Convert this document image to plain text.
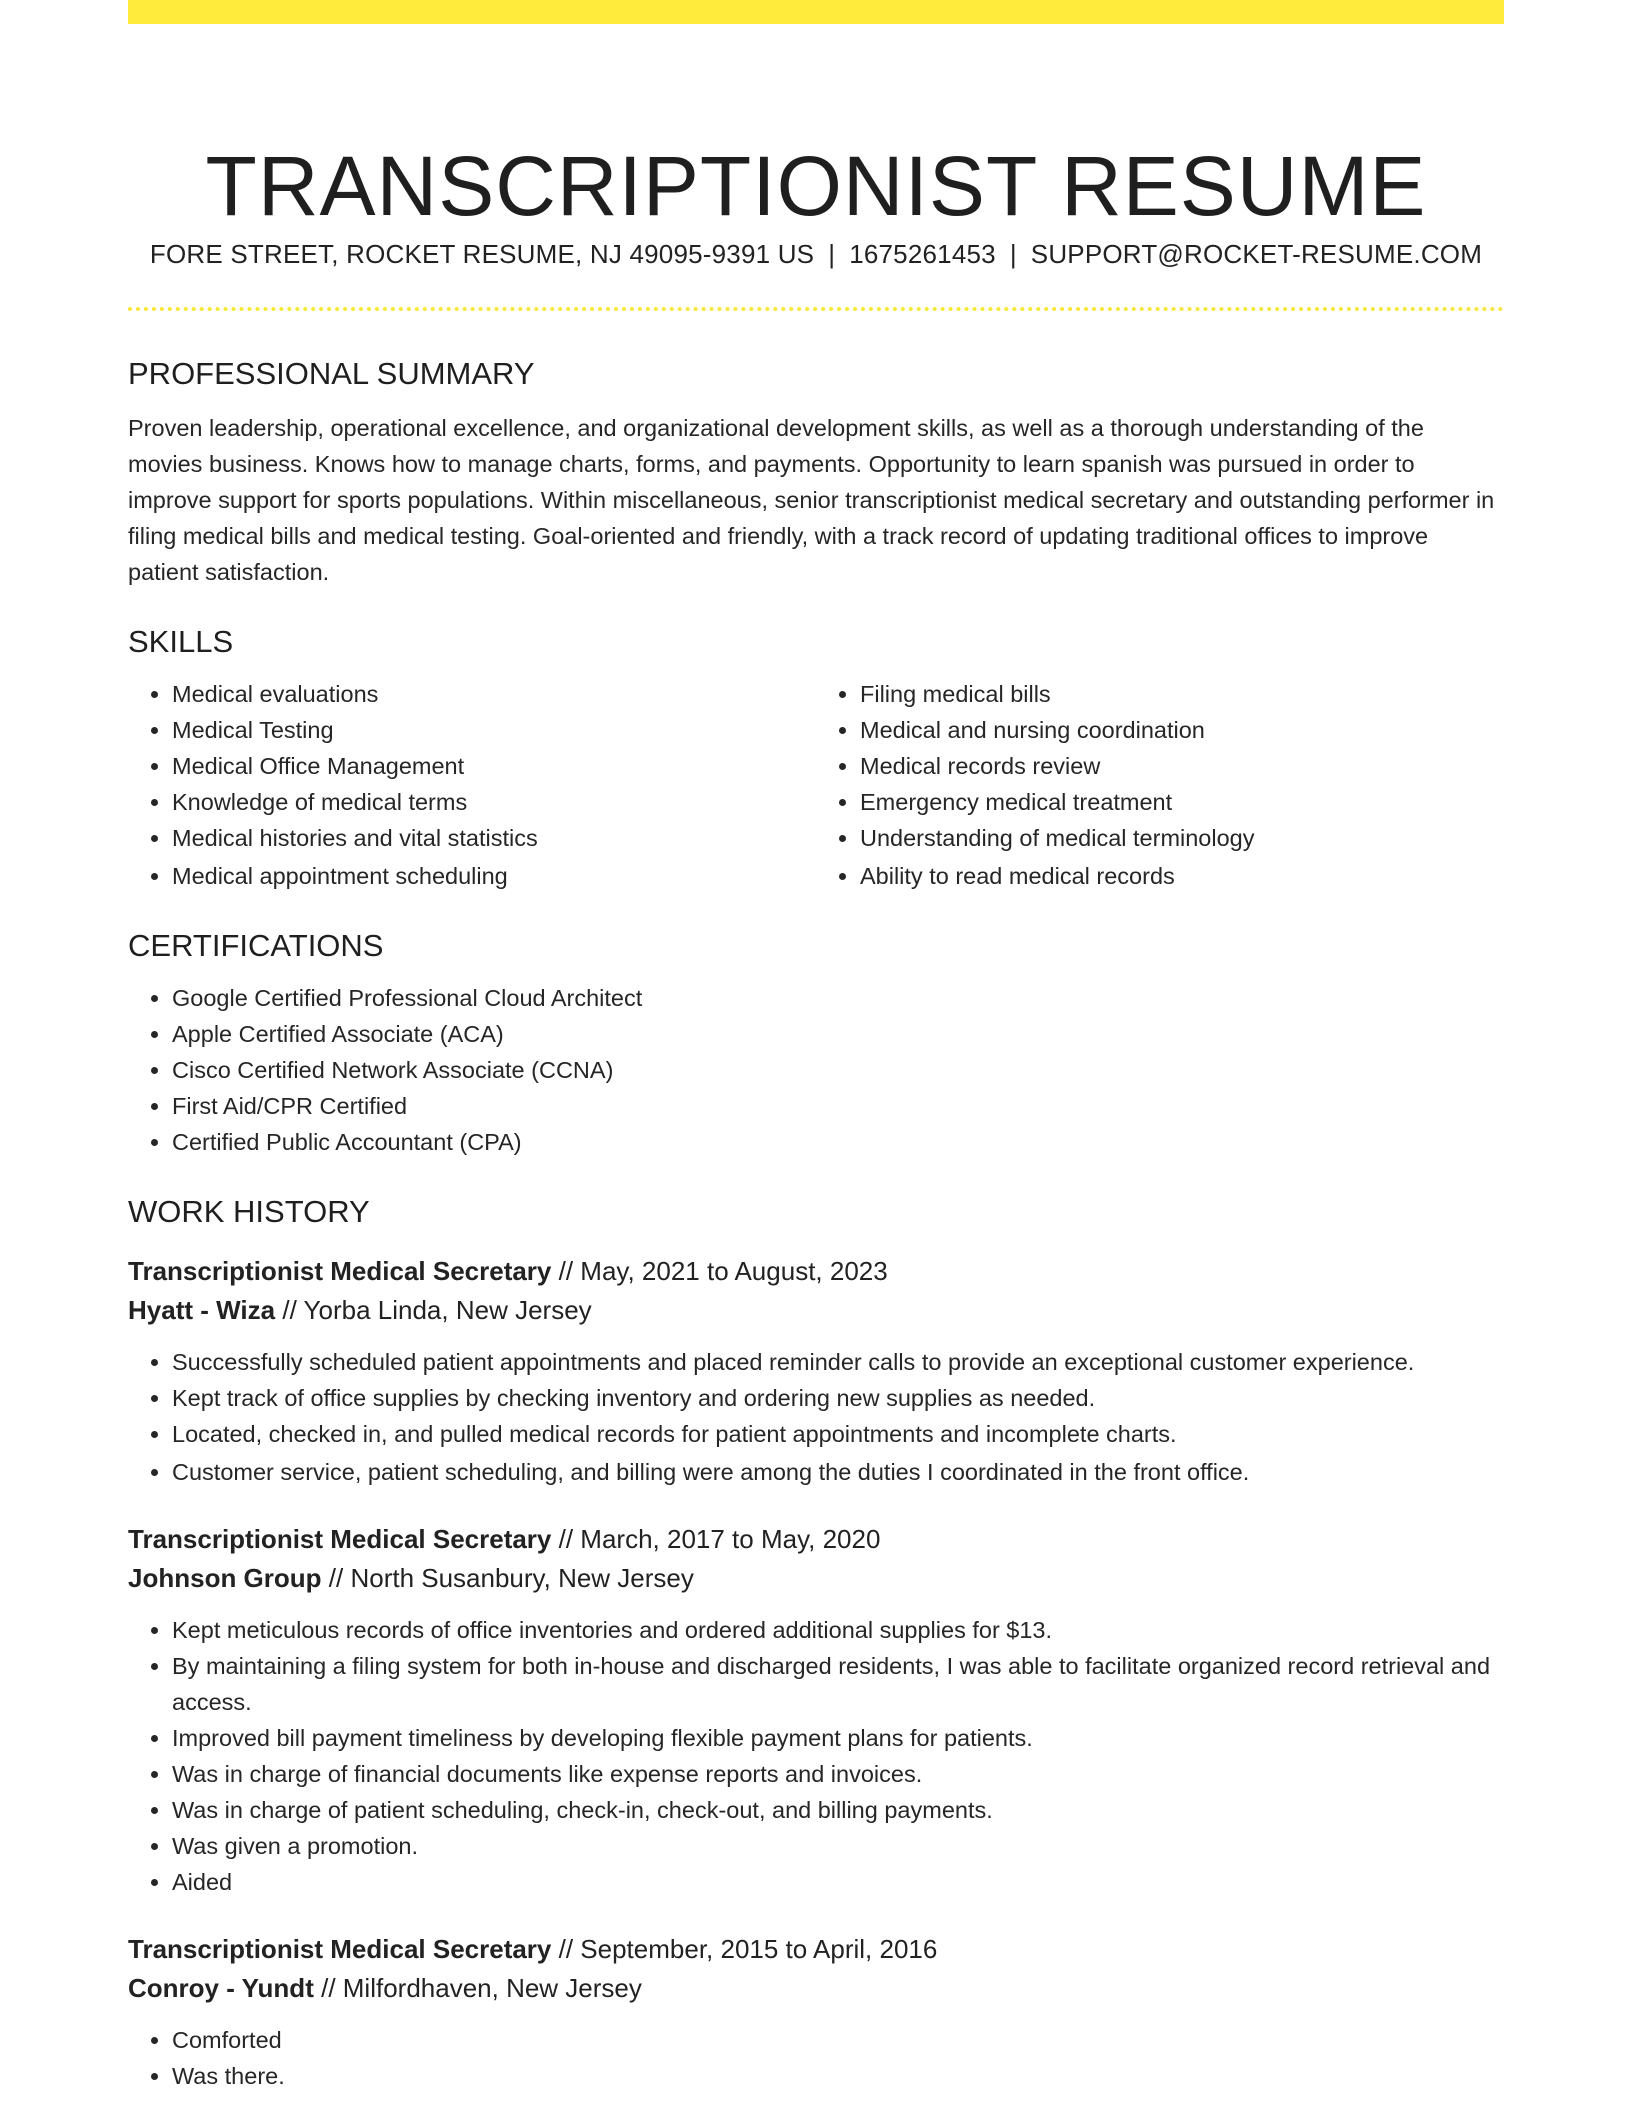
TRANSCRIPTIONIST RESUME
FORE STREET, ROCKET RESUME, NJ 49095-9391 US | 1675261453 | SUPPORT@ROCKET-RESUME.COM
PROFESSIONAL SUMMARY

Proven leadership, operational excellence, and organizational development skills, as well as a thorough understanding of the movies business. Knows how to manage charts, forms, and payments. Opportunity to learn spanish was pursued in order to improve support for sports populations. Within miscellaneous, senior transcriptionist medical secretary and outstanding performer in filing medical bills and medical testing. Goal-oriented and friendly, with a track record of updating traditional offices to improve patient satisfaction.

SKILLS
• Medical evaluations
• Medical Testing
• Medical Office Management
• Knowledge of medical terms
• Medical histories and vital statistics
• Medical appointment scheduling
• Filing medical bills
• Medical and nursing coordination
• Medical records review
• Emergency medical treatment
• Understanding of medical terminology
• Ability to read medical records
CERTIFICATIONS
• Google Certified Professional Cloud Architect
• Apple Certified Associate (ACA)
• Cisco Certified Network Associate (CCNA)
• First Aid/CPR Certified
• Certified Public Accountant (CPA)
WORK HISTORY
Transcriptionist Medical Secretary // May, 2021 to August, 2023
Hyatt - Wiza // Yorba Linda, New Jersey
• Successfully scheduled patient appointments and placed reminder calls to provide an exceptional customer experience.
• Kept track of office supplies by checking inventory and ordering new supplies as needed.
• Located, checked in, and pulled medical records for patient appointments and incomplete charts.
• Customer service, patient scheduling, and billing were among the duties I coordinated in the front office.
Transcriptionist Medical Secretary // March, 2017 to May, 2020
Johnson Group // North Susanbury, New Jersey
• Kept meticulous records of office inventories and ordered additional supplies for $13.
• By maintaining a filing system for both in-house and discharged residents, I was able to facilitate organized record retrieval and access.
• Improved bill payment timeliness by developing flexible payment plans for patients.
• Was in charge of financial documents like expense reports and invoices.
• Was in charge of patient scheduling, check-in, check-out, and billing payments.
• Was given a promotion.
• Aided
Transcriptionist Medical Secretary // September, 2015 to April, 2016
Conroy - Yundt // Milfordhaven, New Jersey
• Comforted
• Was there.
